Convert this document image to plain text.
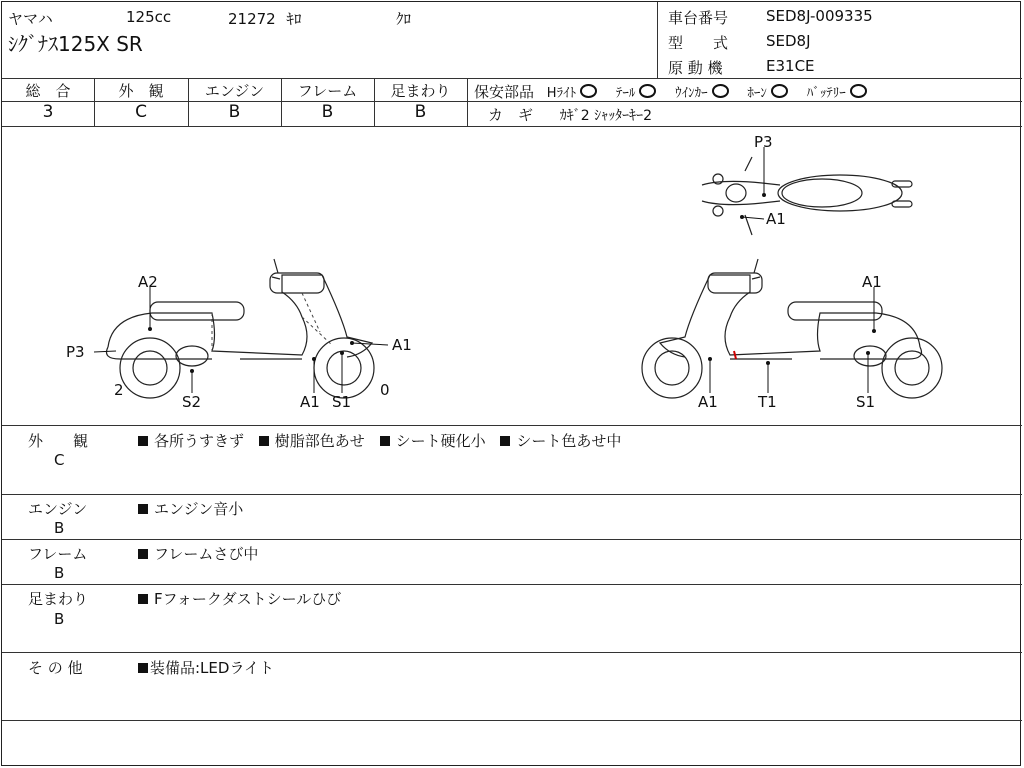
ヤマハ	125cc	21272 ｷﾛ	ｸﾛ
ｼｸﾞﾅｽ125X SR
車台番号	SED8J-009335
型　　式	SED8J
原 動 機	E31CE
総　合
3
外　観
C
エンジン
B
フレーム
B
足まわり
B
保安部品 Hﾗｲﾄ	ﾃｰﾙ	ｳｲﾝｶｰ	ﾎｰﾝ	ﾊﾞｯﾃﾘｰ
カ　ギ ｶｷﾞ2 ｼｬｯﾀｰｷｰ2
P3
A1
A2
P3	A1
2	0
S2	A1 S1
A1
A1	T1	S1
外　　観
C
各所うすきず 樹脂部色あせ シート硬化小 シート色あせ中
エンジン
B
エンジン音小
フレーム
B
フレームさび中
足まわり
B
Fフォークダストシールひび
そ の 他	装備品:LEDライト
